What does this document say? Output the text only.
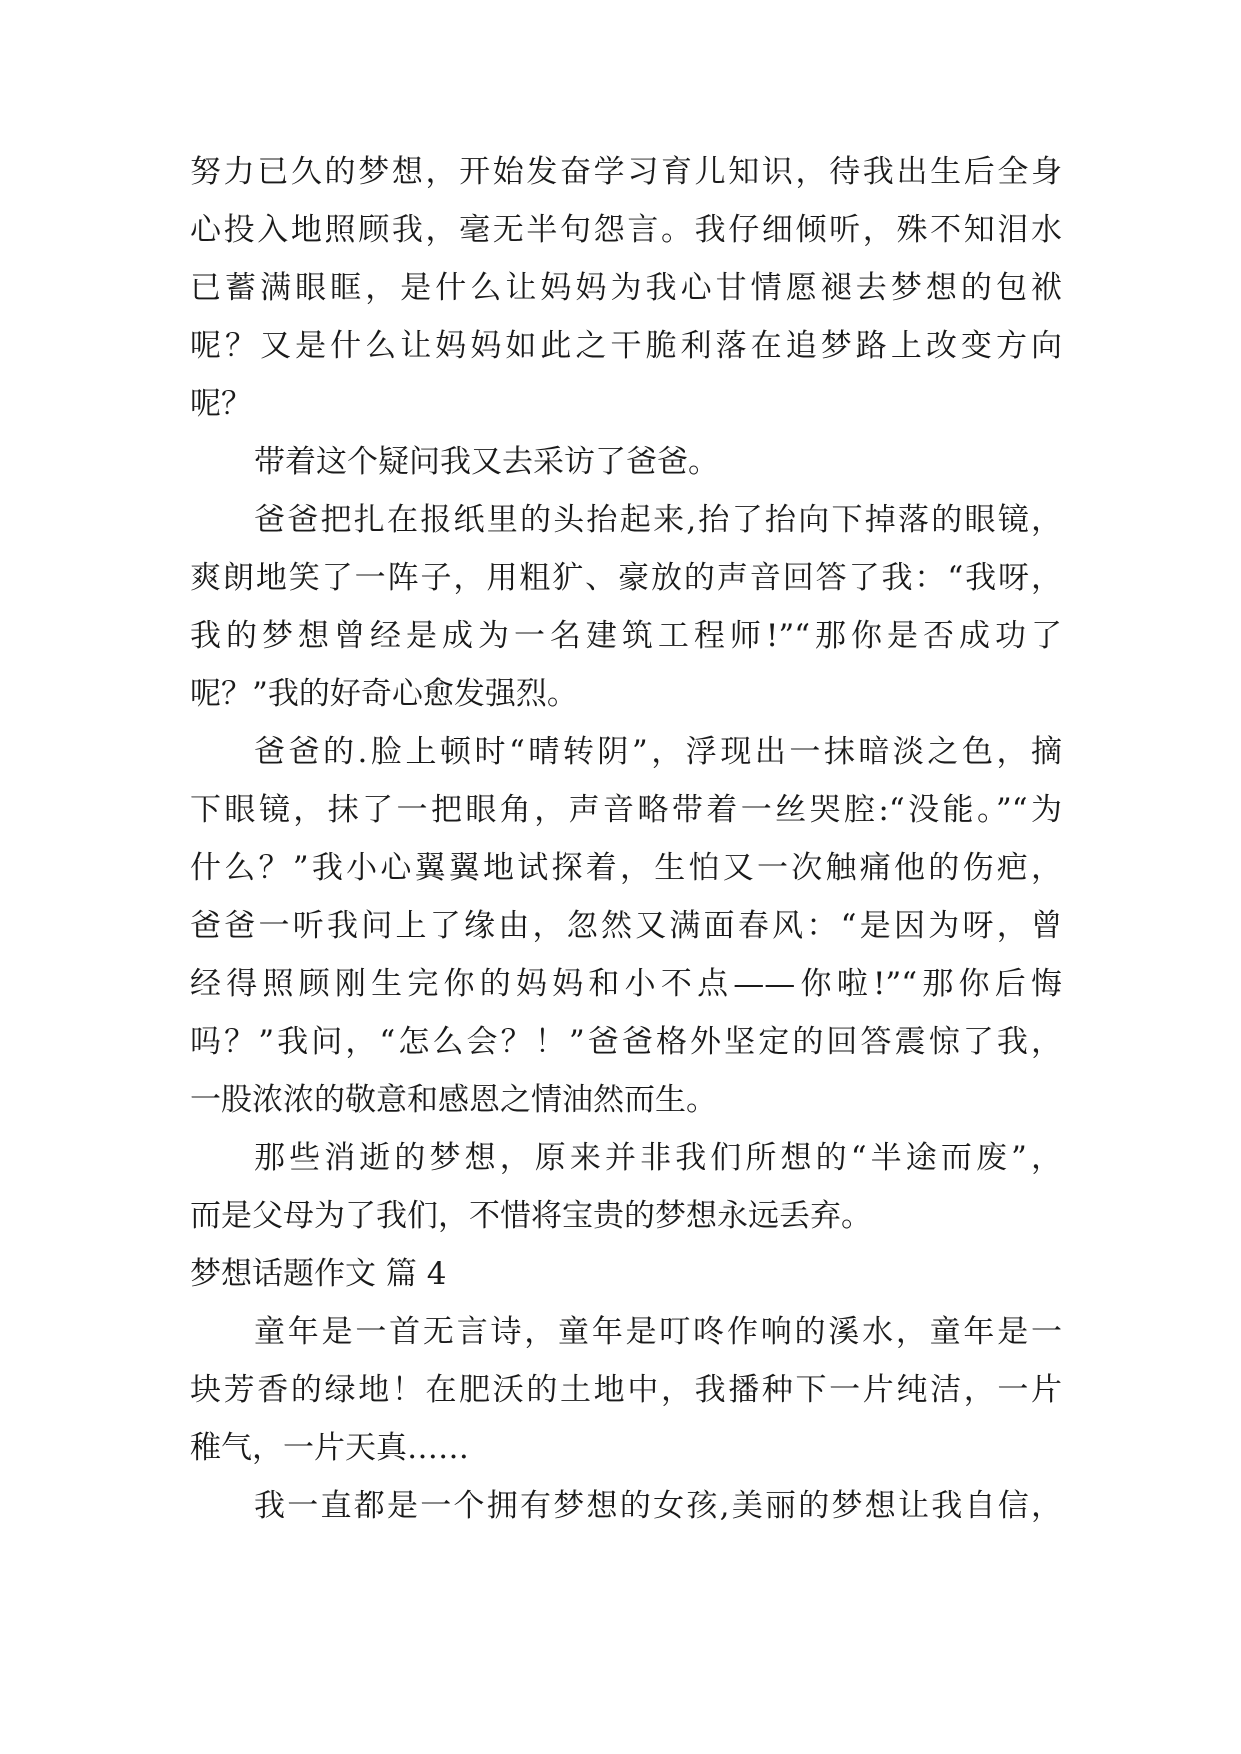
努力已久的梦想，开始发奋学习育儿知识，待我出生后全身
心投入地照顾我，毫无半句怨言。我仔细倾听，殊不知泪水
已蓄满眼眶，是什么让妈妈为我心甘情愿褪去梦想的包袱
呢？又是什么让妈妈如此之干脆利落在追梦路上改变方向
呢？
带着这个疑问我又去采访了爸爸。
爸爸把扎在报纸里的头抬起来,抬了抬向下掉落的眼镜，
爽朗地笑了一阵子，用粗犷、豪放的声音回答了我：“我呀，
我的梦想曾经是成为一名建筑工程师!”“那你是否成功了
呢？”我的好奇心愈发强烈。
爸爸的.脸上顿时“晴转阴”，浮现出一抹暗淡之色，摘
下眼镜，抹了一把眼角，声音略带着一丝哭腔:“没能。”“为
什么？”我小心翼翼地试探着，生怕又一次触痛他的伤疤，
爸爸一听我问上了缘由，忽然又满面春风：“是因为呀，曾
经得照顾刚生完你的妈妈和小不点——你啦!”“那你后悔
吗？”我问，“怎么会？！”爸爸格外坚定的回答震惊了我，
一股浓浓的敬意和感恩之情油然而生。
那些消逝的梦想，原来并非我们所想的“半途而废”，
而是父母为了我们，不惜将宝贵的梦想永远丢弃。
梦想话题作文 篇 4
童年是一首无言诗，童年是叮咚作响的溪水，童年是一
块芳香的绿地！在肥沃的土地中，我播种下一片纯洁，一片
稚气，一片天真……
我一直都是一个拥有梦想的女孩,美丽的梦想让我自信，
